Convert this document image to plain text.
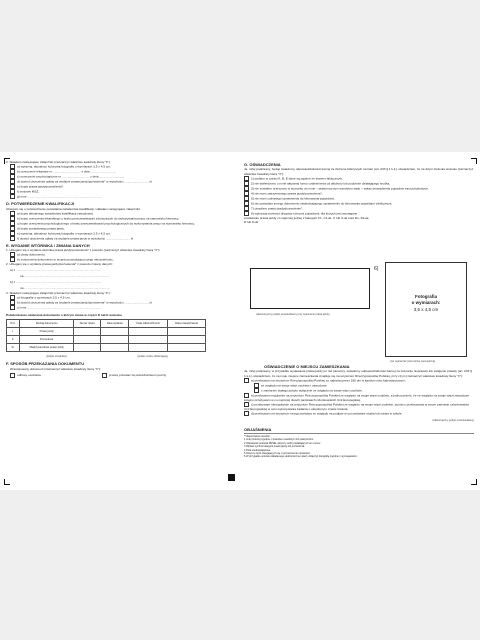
2. Składam następujące załączniki (zaznaczyć właściwe kwadraty literą "X"):
a) wyraźną, aktualną i kolorową fotografię o wymiarach 3,5 x 4,5 cm,
b) orzeczenie lekarskie nr ................................ z dnia ............................,
c) orzeczenie psychologiczne nr ................................ z dnia ............................,
d) dowód uiszczenia opłaty za wydanie prawa jazdy/pozwolenia* w wysokości ............................ zł,
e) kopię prawa jazdy/pozwolenia*,
f) wniosek MSZ,
g) inne .......................................................................................
D. POTWIERDZENIE KWALIFIKACJI
Ubiegam się o potwierdzenie posiadania świadectwa kwalifikacji i składam następujące załączniki:
a) kopię aktualnego świadectwa kwalifikacji zawodowej,
b) kopię orzeczenia lekarskiego o braku przeciwwskazań zdrowotnych do wykonywania pracy na stanowisku kierowcy,
c) kopię orzeczenia psychologicznego o braku przeciwwskazań psychologicznych do wykonywania pracy na stanowisku kierowcy,
d) kopię posiadanego prawa jazdy,
e) wyraźną, aktualną i kolorową fotografię o wymiarach 3,5 x 4,5 cm,
f) dowód uiszczenia opłaty za wydanie prawa jazdy w wysokości ............................ zł
E. WYDANIE WTÓRNIKA / ZMIANA DANYCH
1. Ubiegam się o wydanie wtórnika prawa jazdy/pozwolenia* z powodu (zaznaczyć właściwe kwadraty literą "X"):
a) utraty dokumentu,
b) zniszczenia dokumentu w stopniu powodującym jego nieczytelność,
2. Ubiegam się o wydanie prawa jazdy/pozwolenia* z powodu zmiany danych:
a) z ...................................................................................................
na ...................................................................................................
b) z ...................................................................................................
na ...................................................................................................
3. Składam następujące załączniki (zaznaczyć właściwe kwadraty literą "X"):
a) fotografię o wymiarach 3,5 x 4,5 cm,
b) dowód uiszczenia opłaty za wydanie prawa jazdy/pozwolenia* w wysokości ............................ zł,
c) inne .......................................................................................
Potwierdzenie odebrania dokumentu o którym mowa w części D lub E wniosku
Poz.	Rodzaj dokumentu	Numer druku	Data wydania	Data odbioru/Termin	Data unieważnienia
I.	Prawo jazdy				
II.	Pozwolenie				
III.	Międzynarodowe prawo jazdy				
(podpis urzędnika)	(podpis osoby odbierającej)
F. SPOSÓB PRZEKAZANIA DOKUMENTU
Wnioskowany dokument (zaznaczyć właściwe kwadraty literą "X"):
odbiorę osobiście	proszę przesłać za pośrednictwem poczty
G. OŚWIADCZENIA
Ja, niżej podpisany, będąc świadomy odpowiedzialności karnej za złożenie fałszywych zeznań (art. 233 § 1 k.k.) oświadczam, że na dzień złożenia wniosku (zaznaczyć właściwe kwadraty literą "X"):
1) podane w części A, B, E dane są zgodne ze stanem faktycznym,
2) nie stwierdzono u mnie aktywnej formy uzależnienia od alkoholu lub podobnie działającego środka,
3) nie zostałem orzeczony w stosunku do mnie – prawomocnym wyrokiem sądu – zakaz prowadzenia pojazdów samochodowych,
4) nie mam zatrzymanego prawa jazdy/pozwolenia*,
5) nie mam cofniętego uprawnienia do kierowania pojazdami,
6) nie posiadam innego dokumentu stwierdzającego uprawnienie do kierowania pojazdami silnikowymi,
7) utraciłem prawo jazdy/pozwolenie*,
8) wykonuję przewóz drogowy różnymi pojazdami, dla których jest wymagane posiadanie prawa jazdy co najmniej jednej z kategorii C1, C1+E, C lub C+E oraz D1, D1+E, D lub D+E
6)
Fotografia
o wymiarach:
3,5 x 4,5 cm
(własnoręczny podpis wnioskodawcy przy wykonaniu prawa jazdy)
(nie wykraczać poza ramkę wewnętrzną)
OŚWIADCZENIE O MIEJSCU ZAMIESZKANIA
Ja, niżej podpisany, w przypadku wydawania prawa jazdy po raz pierwszy, świadomy odpowiedzialności karnej za zeznanie nieprawdy lub zatajenie prawdy (art. 233 § 1 k.k.) oświadczam, że na moje miejsce zamieszkania znajduje się na terytorium Rzeczypospolitej Polskiej, przy czym (zaznaczyć właściwe kwadraty literą "X"):
a) przebywam na terytorium Rzeczypospolitej Polskiej co najmniej przez 185 dni w każdym roku kalendarzowym:
ze względu na swoje więzi osobiste i zawodowe
z zamiarem stałego pobytu wyłącznie ze względu na swoje więzi osobiste,
b) przebywam regularnie na terytorium Rzeczypospolitej Polskiej ze względu na swoje więzi osobiste, a jednocześnie, że ze względu na swoje więzi zawodowe kolejno przebywam w co najmniej dwóch państwach członkowskich Unii Europejskiej,
c) przebywam nieregularnie na terytorium Rzeczypospolitej Polskiej ze względu na swoje więzi osobiste, pomimo przebywania w innym państwie członkowskim Unii Europejskiej w celu wykonywania zadania o określonym czasie trwania,
d) przebywam na terytorium innego państwa ze względu na podjęte w tym państwie studia lub naukę w szkole.
(własnoręczny podpis wnioskodawcy)
OBJAŚNIENIA
* Niepotrzebne skreślić.
1 Imię (imiona) zgodnie z dowodem osobistym lub paszportem.
2 Obowiązek podania PESEL dotyczy osób posiadających ten numer.
3 Wpisać symbol kategorii prawa jazdy lub pozwolenia.
4 Pola nieobowiązkowe.
5 Dotyczy osób ubiegających się o przywrócenie uprawnień.
6 W przypadku wniosku składanego elektronicznie należy dołączyć fotografię zgodnie z wymaganiami.
